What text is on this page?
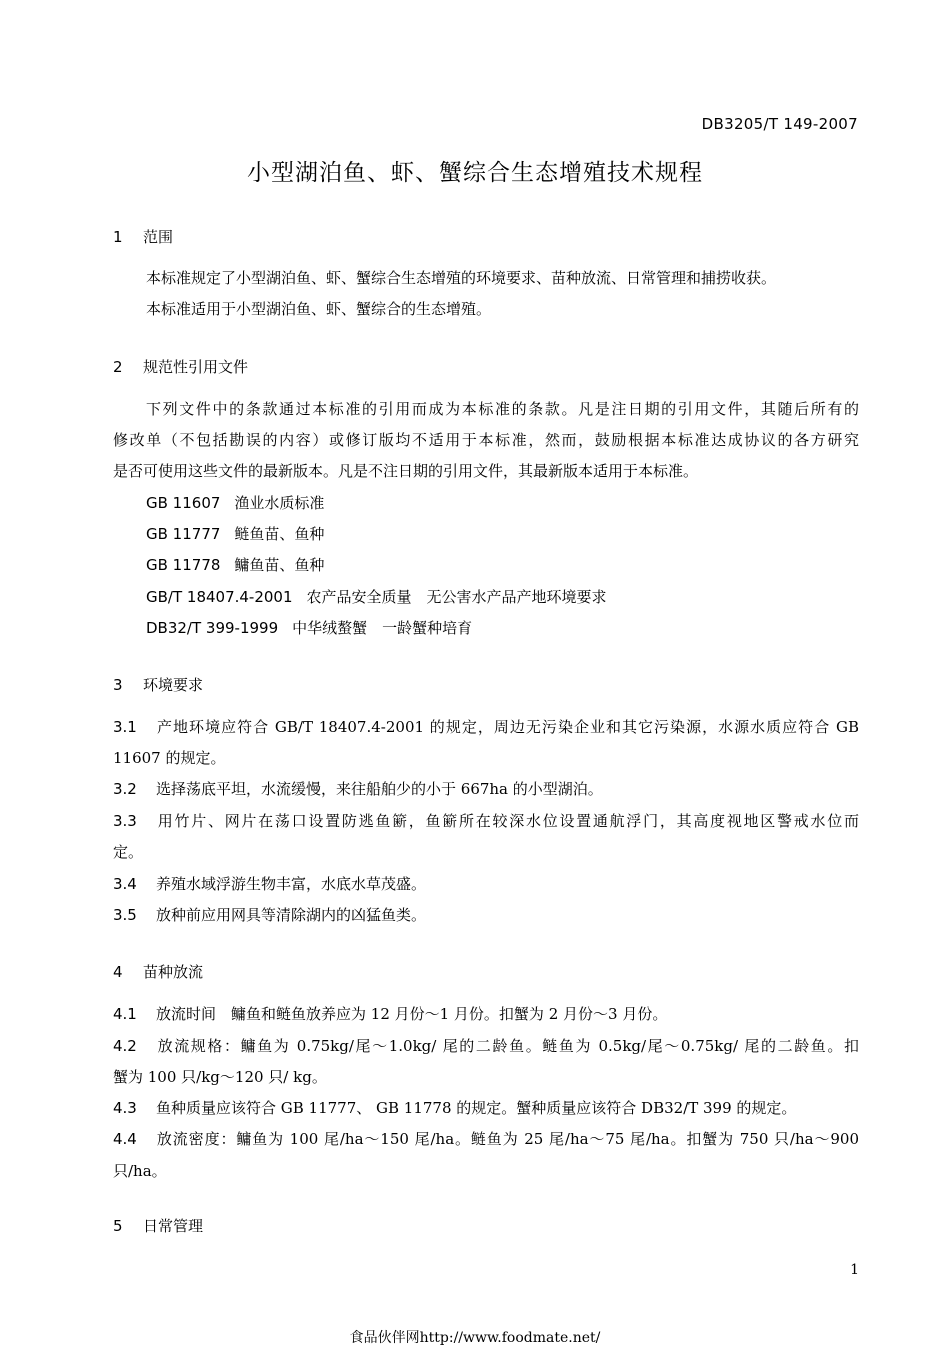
DB3205/T 149-2007
小型湖泊鱼、虾、蟹综合生态增殖技术规程
1 范围
本标准规定了小型湖泊鱼、虾、蟹综合生态增殖的环境要求、苗种放流、日常管理和捕捞收获。
本标准适用于小型湖泊鱼、虾、蟹综合的生态增殖。
2 规范性引用文件
下列文件中的条款通过本标准的引用而成为本标准的条款。凡是注日期的引用文件，其随后所有的
修改单（不包括勘误的内容）或修订版均不适用于本标准，然而，鼓励根据本标准达成协议的各方研究
是否可使用这些文件的最新版本。凡是不注日期的引用文件，其最新版本适用于本标准。
GB 11607 渔业水质标准
GB 11777 鲢鱼苗、鱼种
GB 11778 鳙鱼苗、鱼种
GB/T 18407.4-2001 农产品安全质量　无公害水产品产地环境要求
DB32/T 399-1999 中华绒螯蟹　一龄蟹种培育
3 环境要求
3.1 产地环境应符合 GB/T 18407.4-2001 的规定，周边无污染企业和其它污染源，水源水质应符合 GB
11607 的规定。
3.2 选择荡底平坦，水流缓慢，来往船舶少的小于 667ha 的小型湖泊。
3.3 用竹片、网片在荡口设置防逃鱼簖，鱼簖所在较深水位设置通航浮门，其高度视地区警戒水位而
定。
3.4 养殖水域浮游生物丰富，水底水草茂盛。
3.5 放种前应用网具等清除湖内的凶猛鱼类。
4 苗种放流
4.1 放流时间　鳙鱼和鲢鱼放养应为 12 月份～1 月份。扣蟹为 2 月份～3 月份。
4.2 放流规格：鳙鱼为 0.75kg/尾～1.0kg/ 尾的二龄鱼。鲢鱼为 0.5kg/尾～0.75kg/ 尾的二龄鱼。扣
蟹为 100 只/kg～120 只/ kg。
4.3 鱼种质量应该符合 GB 11777、 GB 11778 的规定。蟹种质量应该符合 DB32/T 399 的规定。
4.4 放流密度：鳙鱼为 100 尾/ha～150 尾/ha。鲢鱼为 25 尾/ha～75 尾/ha。扣蟹为 750 只/ha～900
只/ha。
5 日常管理
1
食品伙伴网http://www.foodmate.net/
